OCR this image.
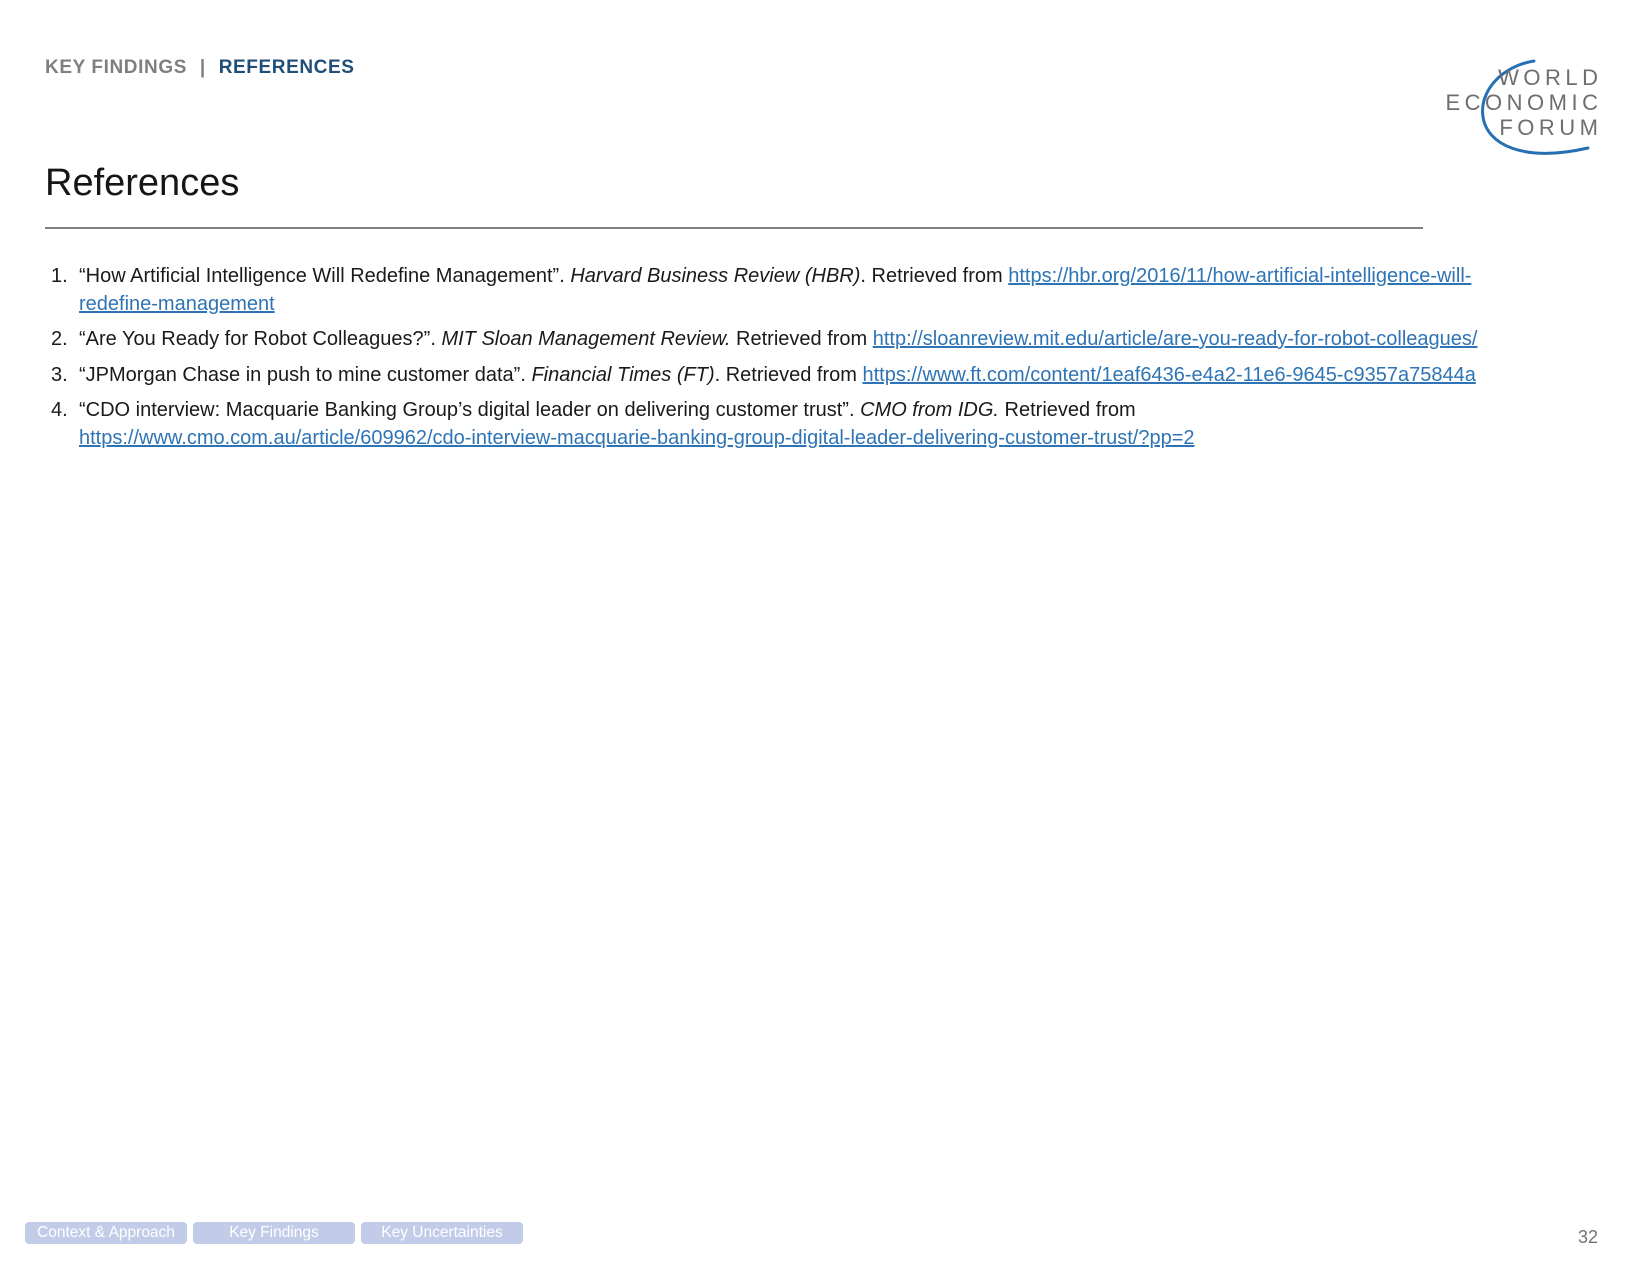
KEY FINDINGS | REFERENCES	WORLD
ECONOMIC
FORUM
References
1. “How Artificial Intelligence Will Redefine Management”. Harvard Business Review (HBR). Retrieved from https://hbr.org/2016/11/how-artificial-intelligence-will-redefine-management
2. “Are You Ready for Robot Colleagues?”. MIT Sloan Management Review. Retrieved from http://sloanreview.mit.edu/article/are-you-ready-for-robot-colleagues/
3. “JPMorgan Chase in push to mine customer data”. Financial Times (FT). Retrieved from https://www.ft.com/content/1eaf6436-e4a2-11e6-9645-c9357a75844a
4. “CDO interview: Macquarie Banking Group’s digital leader on delivering customer trust”. CMO from IDG. Retrieved from https://www.cmo.com.au/article/609962/cdo-interview-macquarie-banking-group-digital-leader-delivering-customer-trust/?pp=2
Context & Approach	Key Findings	Key Uncertainties	32
